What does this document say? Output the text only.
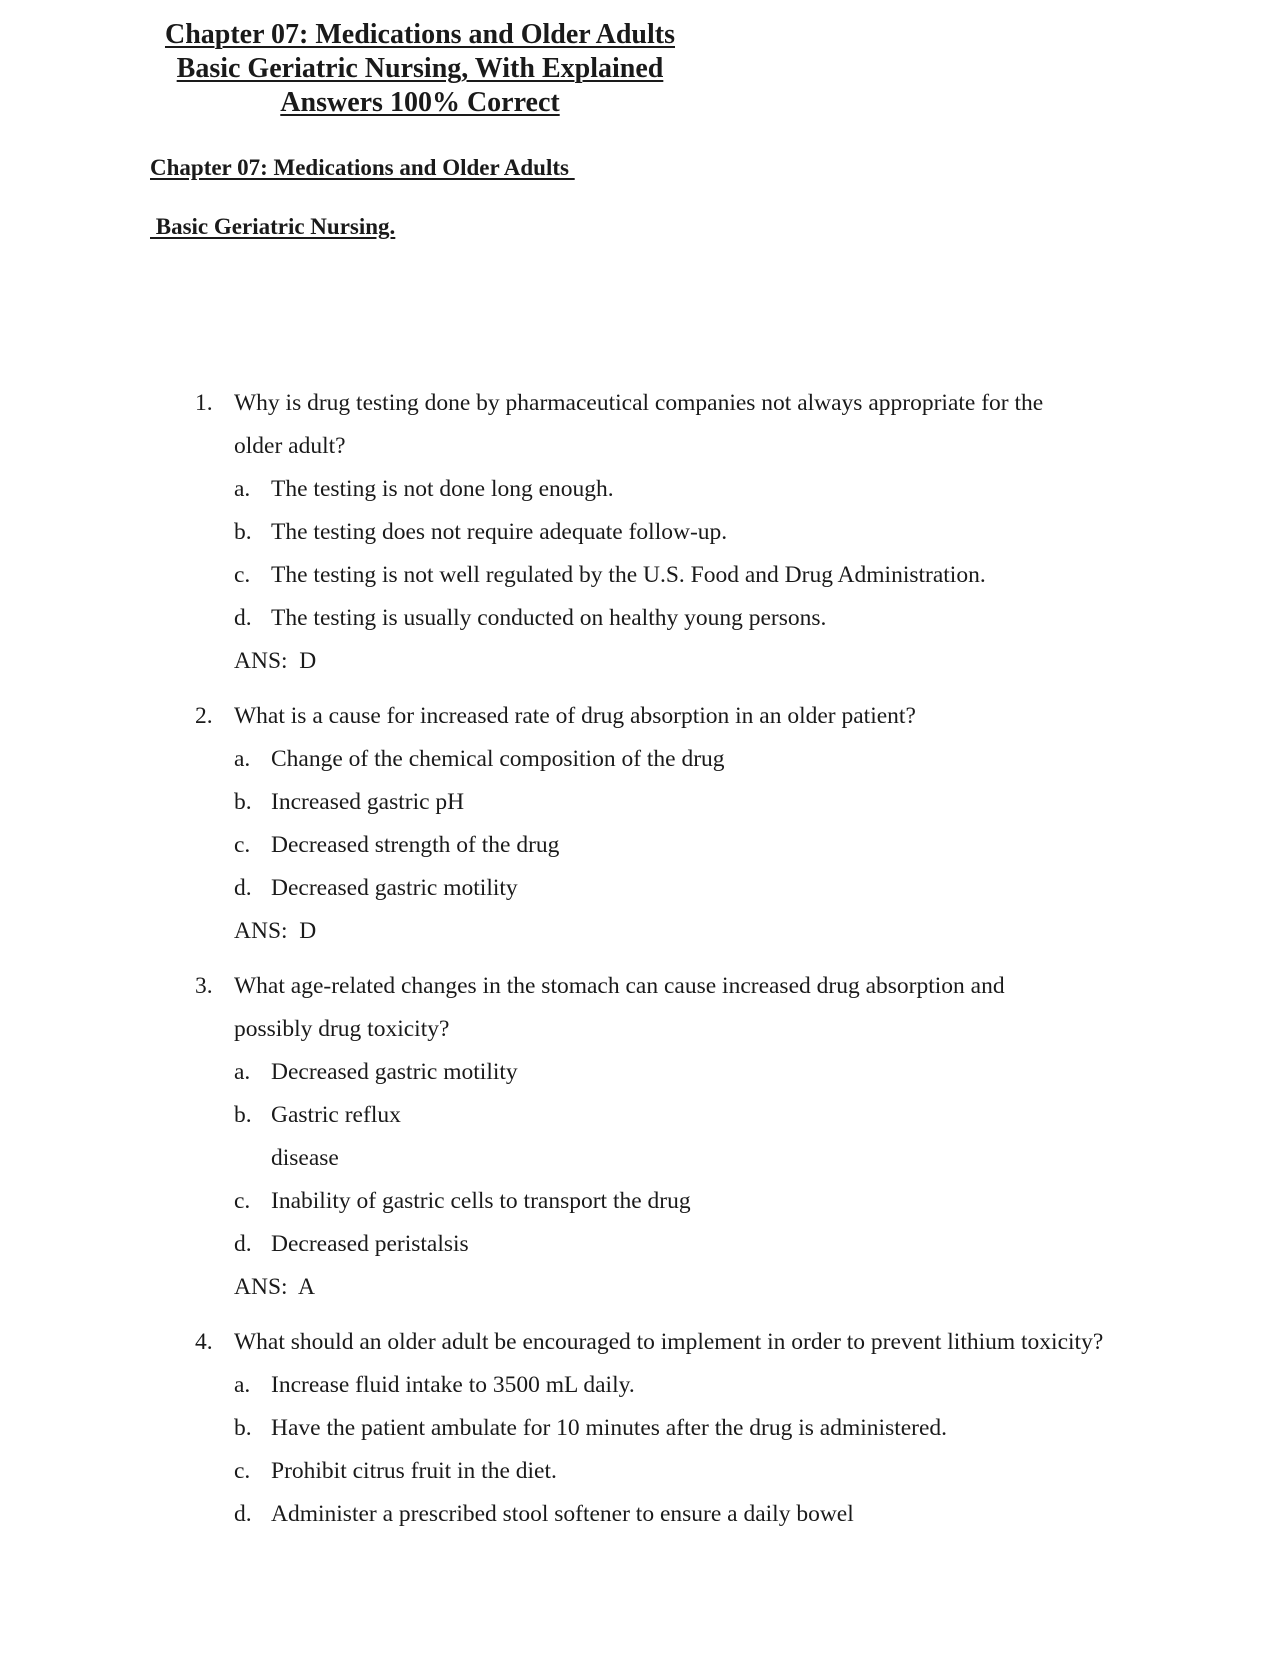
Chapter 07: Medications and Older Adults
Basic Geriatric Nursing, With Explained
Answers 100% Correct
Chapter 07: Medications and Older Adults
Basic Geriatric Nursing.
1. Why is drug testing done by pharmaceutical companies not always appropriate for the
older adult?
a. The testing is not done long enough.
b. The testing does not require adequate follow-up.
c. The testing is not well regulated by the U.S. Food and Drug Administration.
d. The testing is usually conducted on healthy young persons.
ANS:  D
2. What is a cause for increased rate of drug absorption in an older patient?
a. Change of the chemical composition of the drug
b. Increased gastric pH
c. Decreased strength of the drug
d. Decreased gastric motility
ANS:  D
3. What age-related changes in the stomach can cause increased drug absorption and
possibly drug toxicity?
a. Decreased gastric motility
b. Gastric reflux
disease
c. Inability of gastric cells to transport the drug
d. Decreased peristalsis
ANS:  A
4. What should an older adult be encouraged to implement in order to prevent lithium toxicity?
a. Increase fluid intake to 3500 mL daily.
b. Have the patient ambulate for 10 minutes after the drug is administered.
c. Prohibit citrus fruit in the diet.
d. Administer a prescribed stool softener to ensure a daily bowel
